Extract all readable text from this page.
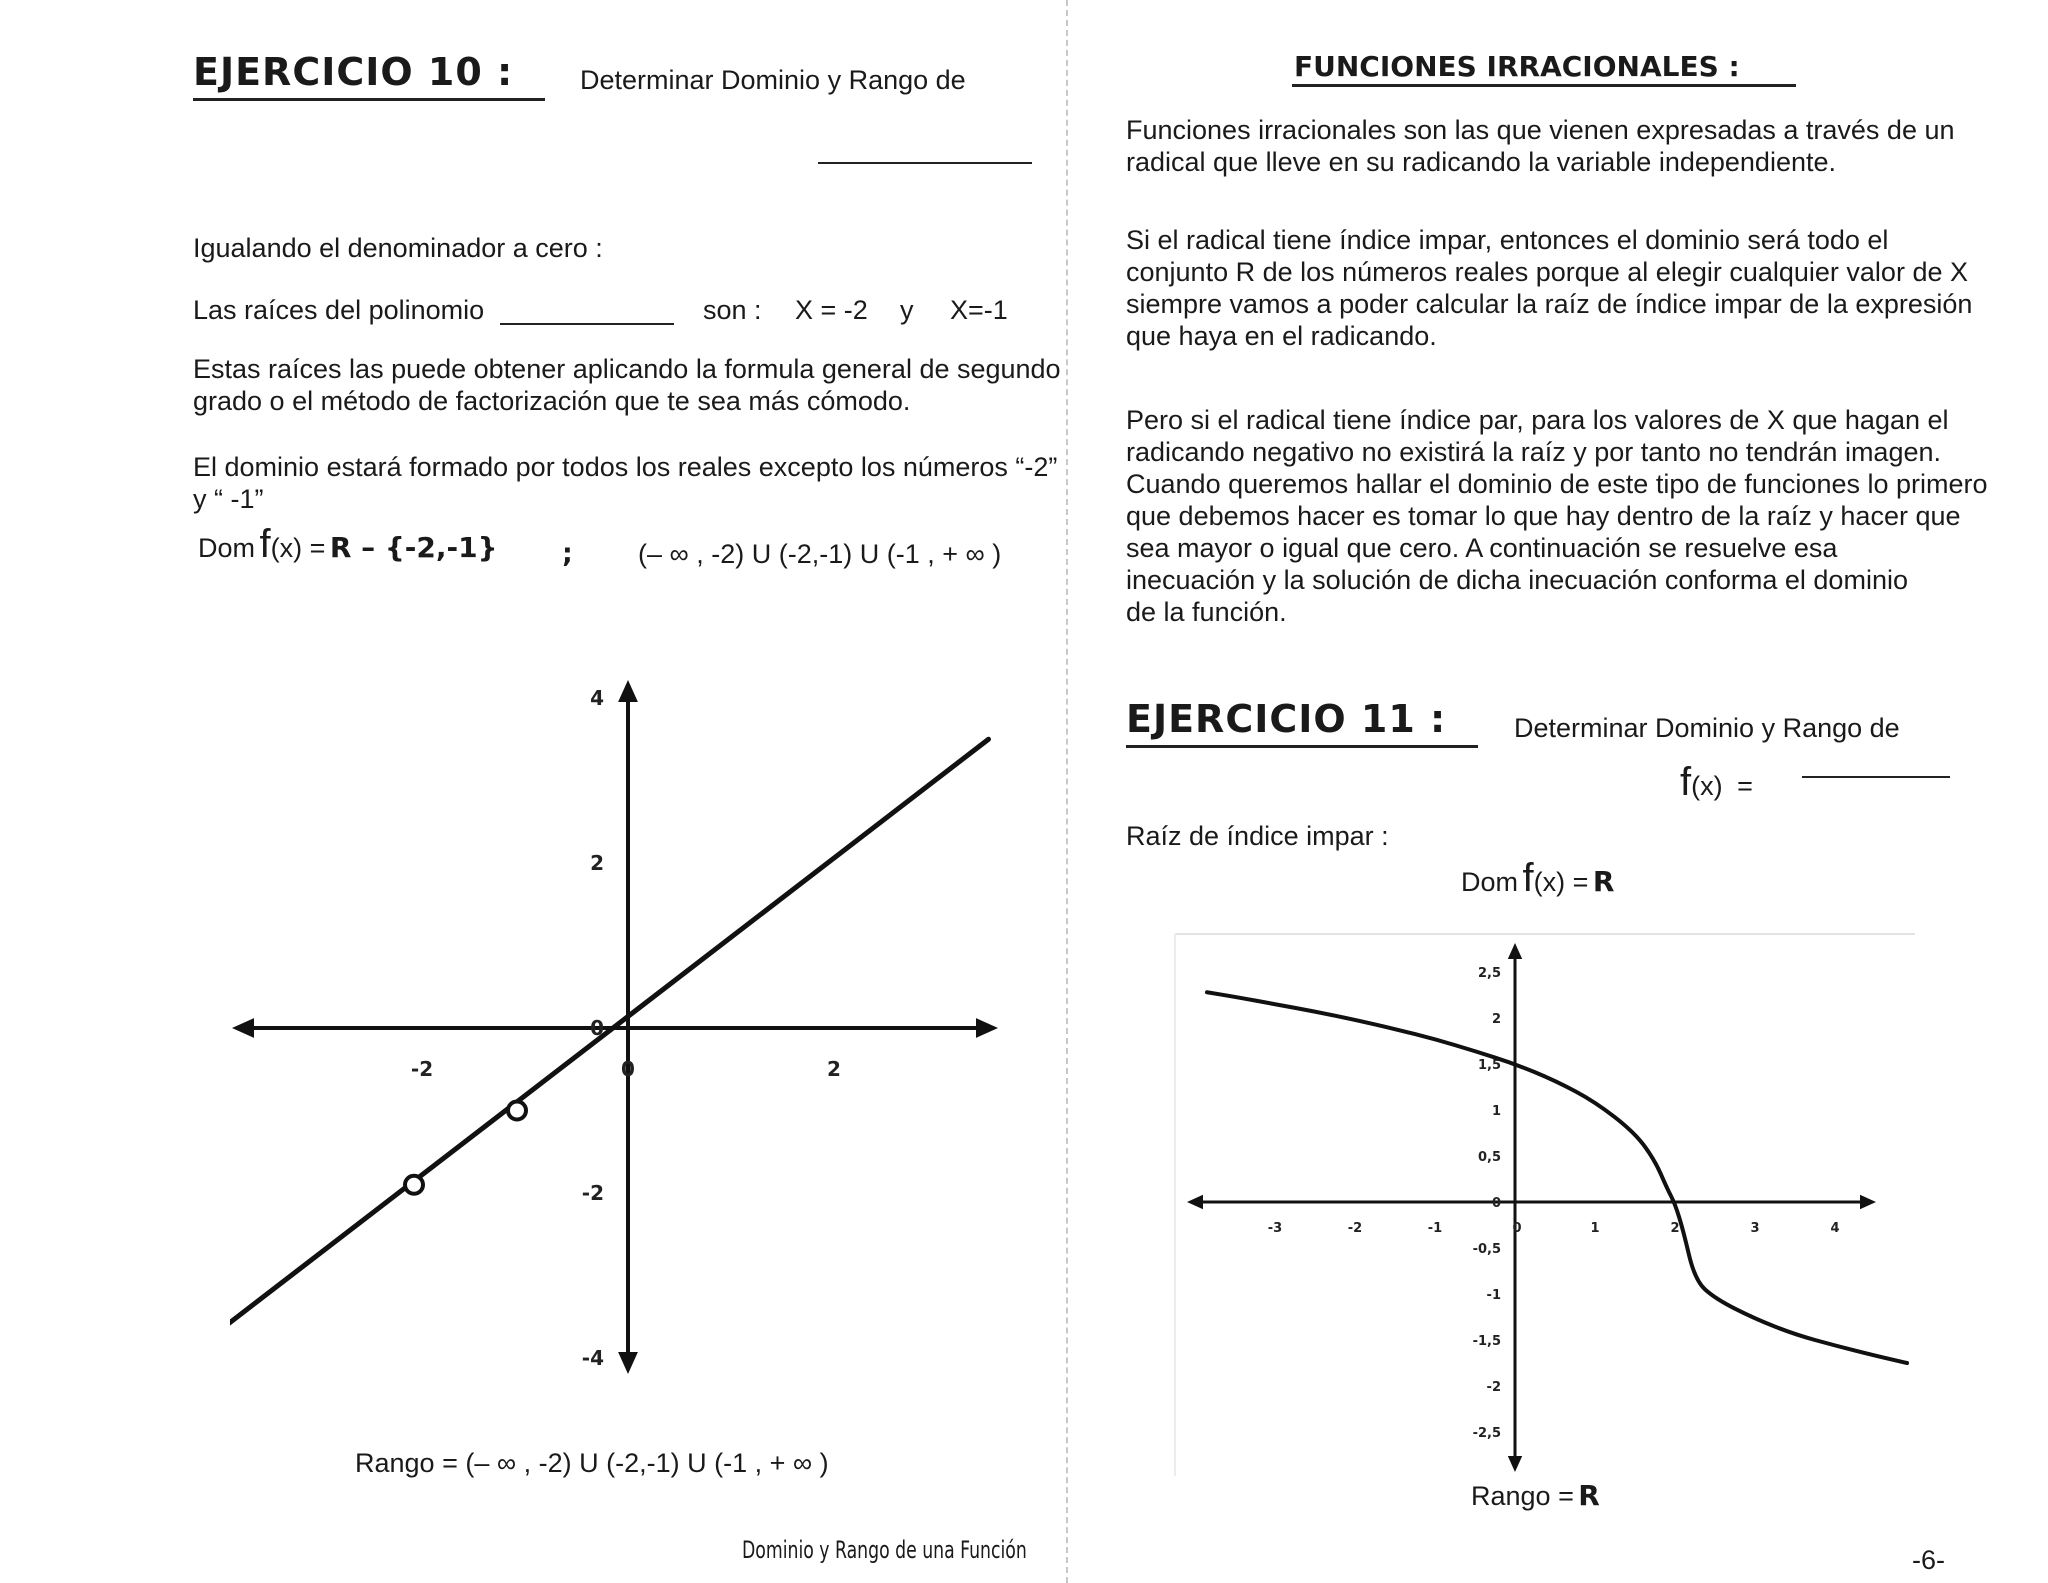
EJERCICIO 10 : Determinar Dominio y Rango de
Igualando el denominador a cero :
Las raíces del polinomio	son : X = -2 y X=-1
Estas raíces las puede obtener aplicando la formula general de segundo
grado o el método de factorización que te sea más cómodo.
El dominio estará formado por todos los reales excepto los números “-2”
y “ -1”
Dom f(x) = R – {-2,-1} ; (– ∞ , -2) U (-2,-1) U (-1 , + ∞ )
-2	0	2
4
2
0
-2
-4
Rango = (– ∞ , -2) U (-2,-1) U (-1 , + ∞ )
Dominio y Rango de una Función
FUNCIONES IRRACIONALES :
Funciones irracionales son las que vienen expresadas a través de un
radical que lleve en su radicando la variable independiente.
Si el radical tiene índice impar, entonces el dominio será todo el
conjunto R de los números reales porque al elegir cualquier valor de X
siempre vamos a poder calcular la raíz de índice impar de la expresión
que haya en el radicando.
Pero si el radical tiene índice par, para los valores de X que hagan el
radicando negativo no existirá la raíz y por tanto no tendrán imagen.
Cuando queremos hallar el dominio de este tipo de funciones lo primero
que debemos hacer es tomar lo que hay dentro de la raíz y hacer que
sea mayor o igual que cero. A continuación se resuelve esa
inecuación y la solución de dicha inecuación conforma el dominio
de la función.
EJERCICIO 11 :	Determinar Dominio y Rango de
f(x) =
Raíz de índice impar :
Dom f(x) = R
-3	-2	-1	0	1	2	3	4
2,5
2
1,5
1
0,5
0
-0,5
-1
-1,5
-2
-2,5
Rango = R
-6-
